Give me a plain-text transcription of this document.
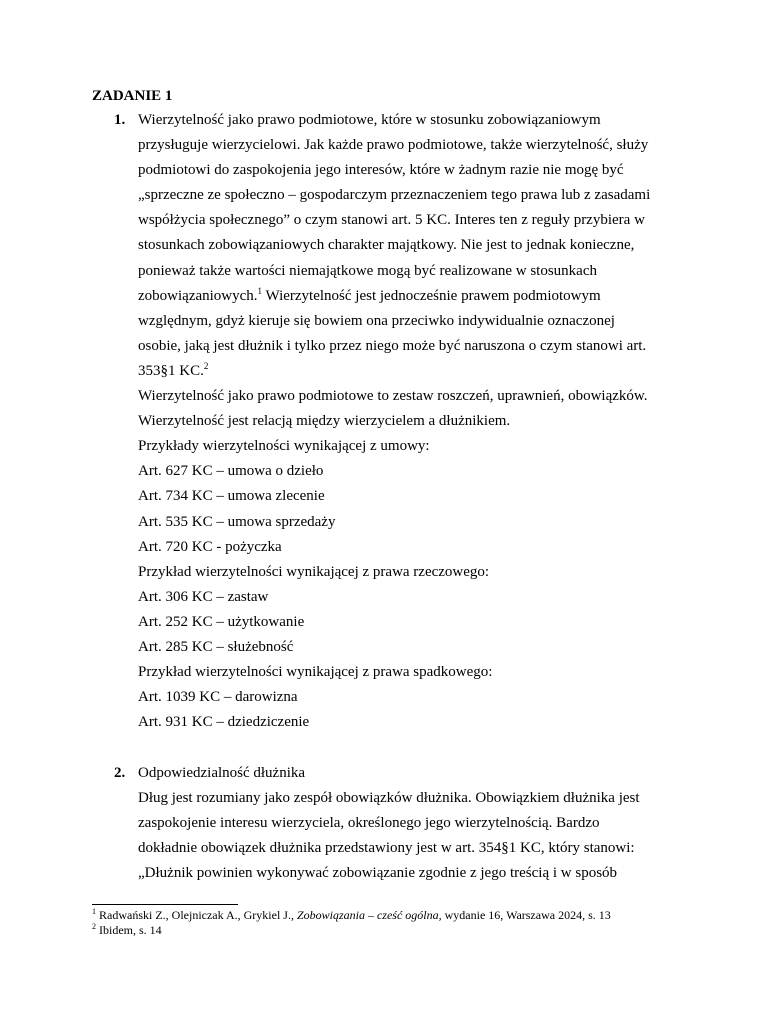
ZADANIE 1
1. Wierzytelność jako prawo podmiotowe, które w stosunku zobowiązaniowym
przysługuje wierzycielowi. Jak każde prawo podmiotowe, także wierzytelność, służy
podmiotowi do zaspokojenia jego interesów, które w żadnym razie nie mogę być
„sprzeczne ze społeczno – gospodarczym przeznaczeniem tego prawa lub z zasadami
współżycia społecznego” o czym stanowi art. 5 KC. Interes ten z reguły przybiera w
stosunkach zobowiązaniowych charakter majątkowy. Nie jest to jednak konieczne,
ponieważ także wartości niemajątkowe mogą być realizowane w stosunkach
zobowiązaniowych.$^1$ Wierzytelność jest jednocześnie prawem podmiotowym
względnym, gdyż kieruje się bowiem ona przeciwko indywidualnie oznaczonej
osobie, jaką jest dłużnik i tylko przez niego może być naruszona o czym stanowi art.
353§1 KC.$^2$
Wierzytelność jako prawo podmiotowe to zestaw roszczeń, uprawnień, obowiązków.
Wierzytelność jest relacją między wierzycielem a dłużnikiem.
Przykłady wierzytelności wynikającej z umowy:
Art. 627 KC – umowa o dzieło
Art. 734 KC – umowa zlecenie
Art. 535 KC – umowa sprzedaży
Art. 720 KC - pożyczka
Przykład wierzytelności wynikającej z prawa rzeczowego:
Art. 306 KC – zastaw
Art. 252 KC – użytkowanie
Art. 285 KC – służebność
Przykład wierzytelności wynikającej z prawa spadkowego:
Art. 1039 KC – darowizna
Art. 931 KC – dziedziczenie
2. Odpowiedzialność dłużnika
Dług jest rozumiany jako zespół obowiązków dłużnika. Obowiązkiem dłużnika jest
zaspokojenie interesu wierzyciela, określonego jego wierzytelnością. Bardzo
dokładnie obowiązek dłużnika przedstawiony jest w art. 354§1 KC, który stanowi:
„Dłużnik powinien wykonywać zobowiązanie zgodnie z jego treścią i w sposób
$^1$ Radwański Z., Olejniczak A., Grykiel J., Zobowiązania – cześć ogólna, wydanie 16, Warszawa 2024, s. 13
$^2$ Ibidem, s. 14
